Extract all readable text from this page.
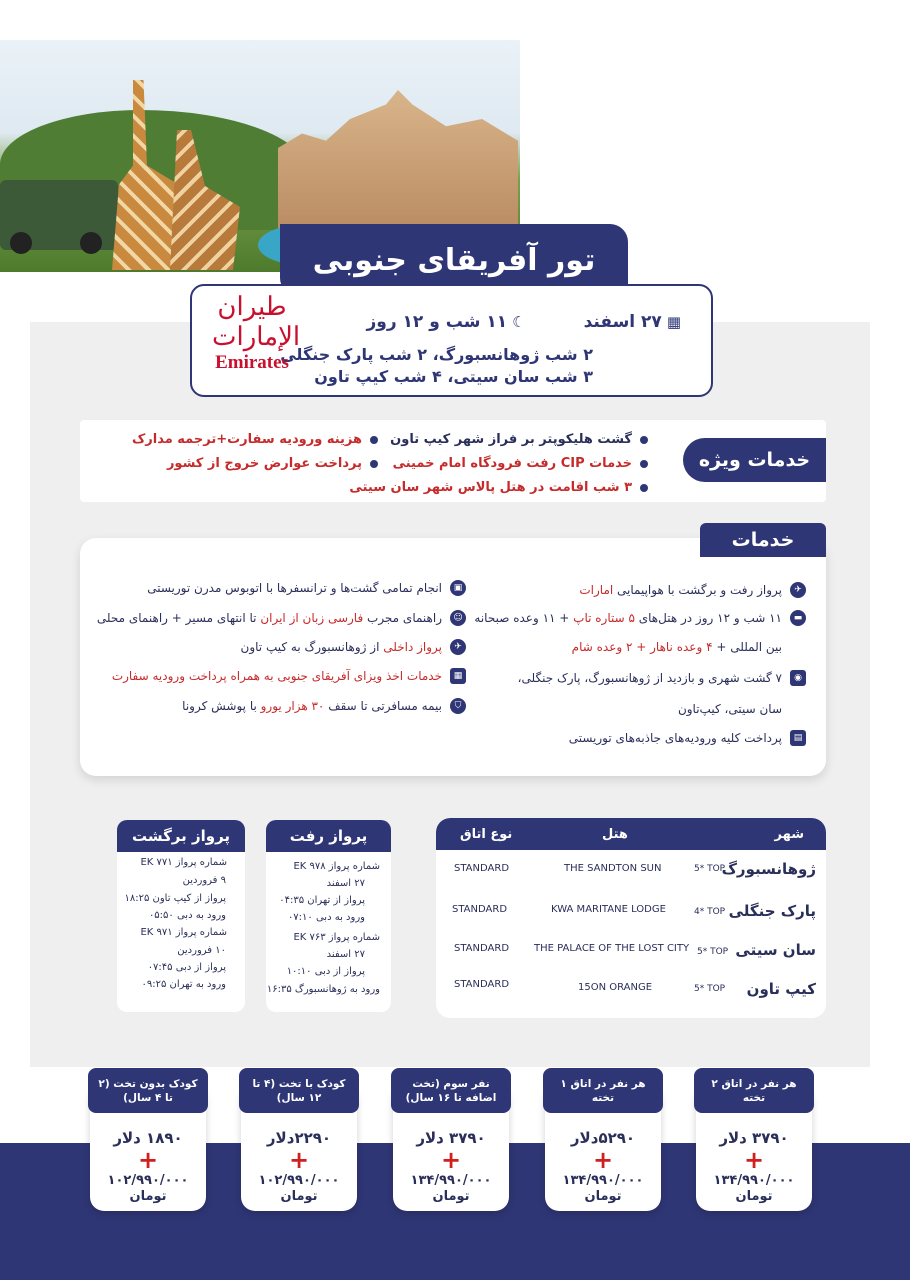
تور آفریقای جنوبی
▦۲۷ اسفند
☾۱۱ شب و ۱۲ روز
۲ شب ژوهانسبورگ، ۲ شب پارک جنگلی
۳ شب سان سیتی، ۴ شب کیپ تاون
طيران الإمارات
Emirates
خدمات ویژه
گشت هلیکوپتر بر فراز شهر کیپ تاون
خدمات CIP رفت فرودگاه امام خمینی
۳ شب اقامت در هتل پالاس شهر سان سیتی
هزینه ورودیه سفارت+ترجمه مدارک
پرداخت عوارض خروج از کشور
خدمات
✈
پرواز رفت و برگشت با هواپیمایی امارات
▬
۱۱ شب و ۱۲ روز در هتل‌های ۵ ستاره تاپ + ۱۱ وعده صبحانه
بین المللی + ۴ وعده ناهار + ۲ وعده شام
◉
۷ گشت شهری و بازدید از ژوهانسبورگ، پارک جنگلی،
سان سیتی، کیپ‌تاون
▤
پرداخت کلیه ورودیه‌های جاذبه‌های توریستی
▣
انجام تمامی گشت‌ها و ترانسفرها با اتوبوس مدرن توریستی
☺
راهنمای مجرب فارسی زبان از ایران تا انتهای مسیر + راهنمای محلی
✈
پرواز داخلی از ژوهانسبورگ به کیپ تاون
▦
خدمات اخذ ویزای آفریقای جنوبی به همراه پرداخت ورودیه سفارت
⛉
بیمه مسافرتی تا سقف ۳۰ هزار یورو با پوشش کرونا
شهر
هتل
نوع اتاق
ژوهانسبورگ
5* TOP
THE SANDTON SUN
STANDARD
پارک جنگلی
4* TOP
KWA MARITANE LODGE
STANDARD
سان سیتی
5* TOP
THE PALACE OF THE LOST CITY
STANDARD
کیپ تاون
5* TOP
15ON ORANGE
STANDARD
پرواز رفت
شماره پرواز EK ۹۷۸
۲۷ اسفند
پرواز از تهران ۰۴:۳۵
ورود به دبی ۰۷:۱۰
شماره پرواز EK ۷۶۳
۲۷ اسفند
پرواز از دبی ۱۰:۱۰
ورود به ژوهانسبورگ ۱۶:۳۵
پرواز برگشت
شماره پرواز EK ۷۷۱
۹ فروردین
پرواز از کیپ تاون ۱۸:۲۵
ورود به دبی ۰۵:۵۰
شماره پرواز EK ۹۷۱
۱۰ فروردین
پرواز از دبی ۰۷:۴۵
ورود به تهران ۰۹:۲۵
۳۷۹۰ دلار
+
۱۳۴/۹۹۰/۰۰۰
تومان
هر نفر در اتاق ۲ تخته
۵۲۹۰دلار
+
۱۳۴/۹۹۰/۰۰۰
تومان
هر نفر در اتاق ۱ تخته
۳۷۹۰ دلار
+
۱۳۴/۹۹۰/۰۰۰
تومان
نفر سوم (تخت اضافه تا ۱۶ سال)
۲۲۹۰دلار
+
۱۰۲/۹۹۰/۰۰۰
تومان
کودک با تخت (۴ تا ۱۲ سال)
۱۸۹۰ دلار
+
۱۰۲/۹۹۰/۰۰۰
تومان
کودک بدون تخت (۲ تا ۴ سال)
